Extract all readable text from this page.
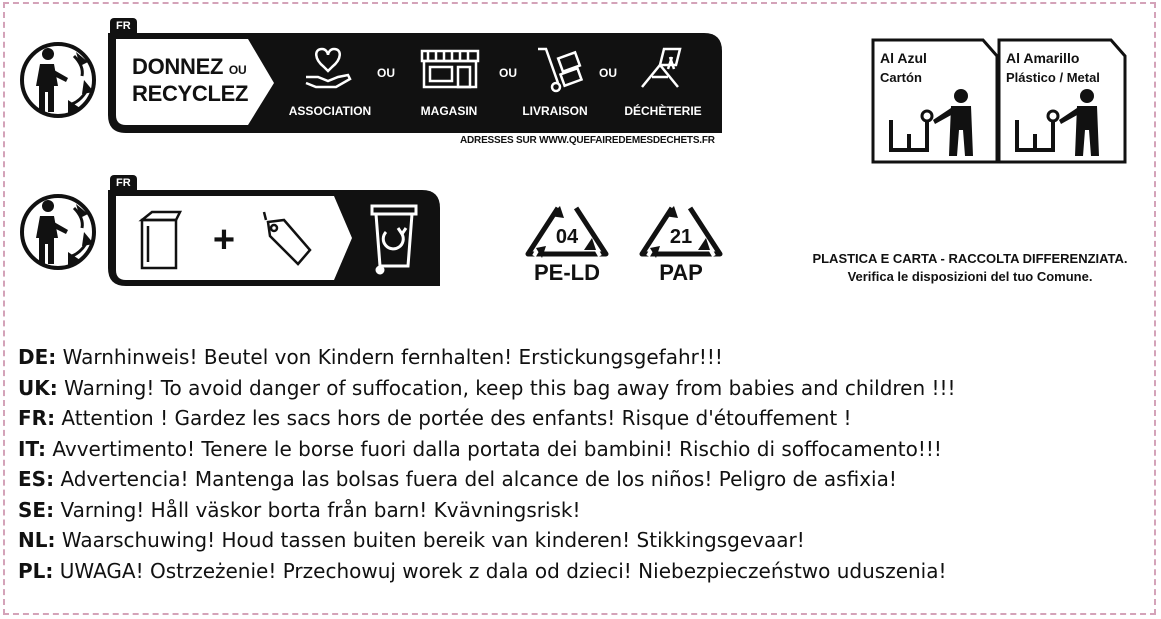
FR
ASSOCIATION	MAGASIN	LIVRAISON	DÉCHÈTERIE
OU	OU	OU
DONNEZ OU
RECYCLEZ
ADRESSES SUR WWW.QUEFAIREDEMESDECHETS.FR
FR
+	04
PE-LD
21
PAP
Al Azul
Cartón
Al Amarillo
Plástico / Metal
PLASTICA E CARTA - RACCOLTA DIFFERENZIATA.
Verifica le disposizioni del tuo Comune.
DE: Warnhinweis! Beutel von Kindern fernhalten! Erstickungsgefahr!!!
UK: Warning! To avoid danger of suffocation, keep this bag away from babies and children !!!
FR: Attention ! Gardez les sacs hors de portée des enfants! Risque d'étouffement !
IT: Avvertimento! Tenere le borse fuori dalla portata dei bambini! Rischio di soffocamento!!!
ES: Advertencia! Mantenga las bolsas fuera del alcance de los niños! Peligro de asfixia!
SE: Varning! Håll väskor borta från barn! Kvävningsrisk!
NL: Waarschuwing! Houd tassen buiten bereik van kinderen! Stikkingsgevaar!
PL: UWAGA! Ostrzeżenie! Przechowuj worek z dala od dzieci! Niebezpieczeństwo uduszenia!
